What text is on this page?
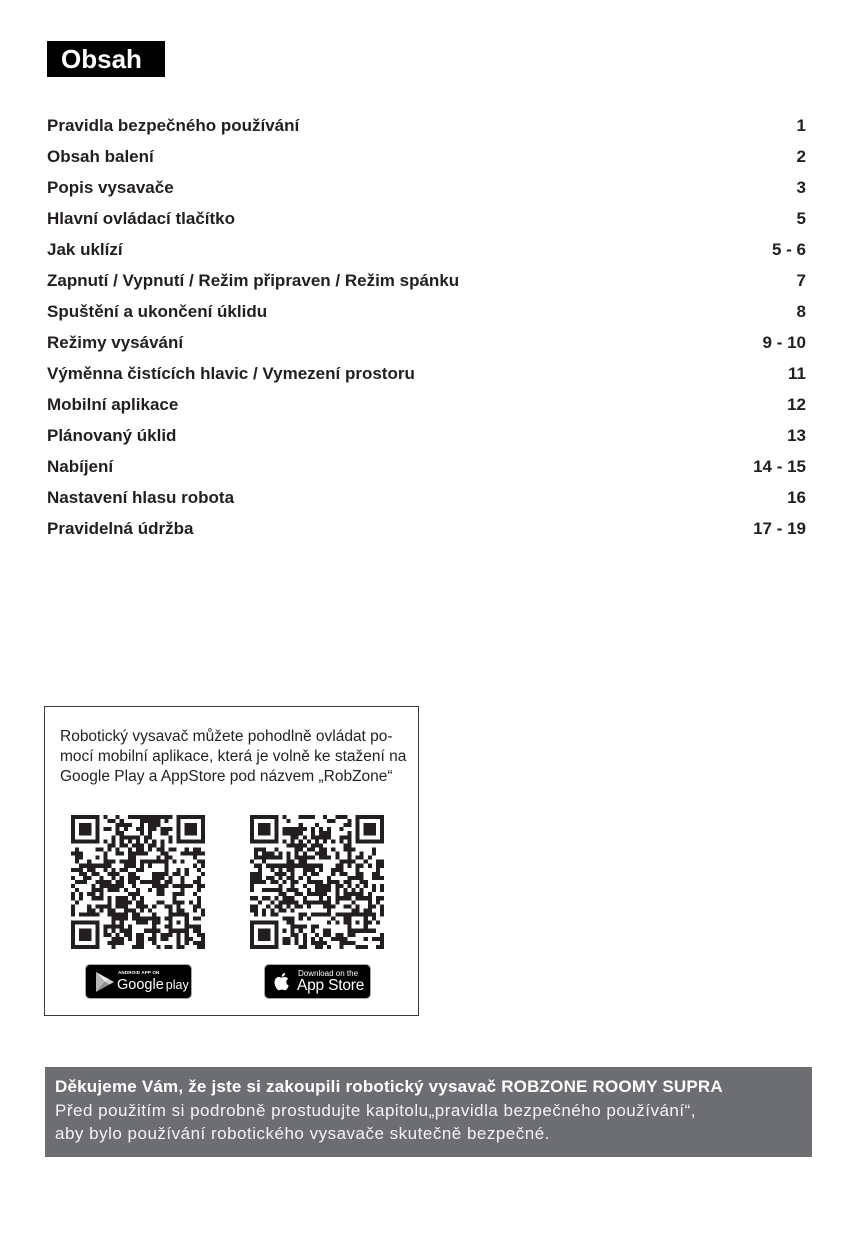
Obsah
Pravidla bezpečného používání	1
Obsah balení	2
Popis vysavače	3
Hlavní ovládací tlačítko	5
Jak uklízí	5 - 6
Zapnutí / Vypnutí / Režim připraven / Režim spánku	7
Spuštění a ukončení úklidu	8
Režimy vysávání	9 - 10
Výměnna čistících hlavic / Vymezení prostoru	11
Mobilní aplikace	12
Plánovaný úklid	13
Nabíjení	14 - 15
Nastavení hlasu robota	16
Pravidelná údržba	17 - 19
Robotický vysavač můžete pohodlně ovládat po-
mocí mobilní aplikace, která je volně ke stažení na
Google Play a AppStore pod názvem „RobZone“
ANDROID APP ON
Google play
Download on the
App Store
Děkujeme Vám, že jste si zakoupili robotický vysavač ROBZONE ROOMY SUPRA
Před použitím si podrobně prostudujte kapitolu„pravidla bezpečného používání“,
aby bylo používání robotického vysavače skutečně bezpečné.
